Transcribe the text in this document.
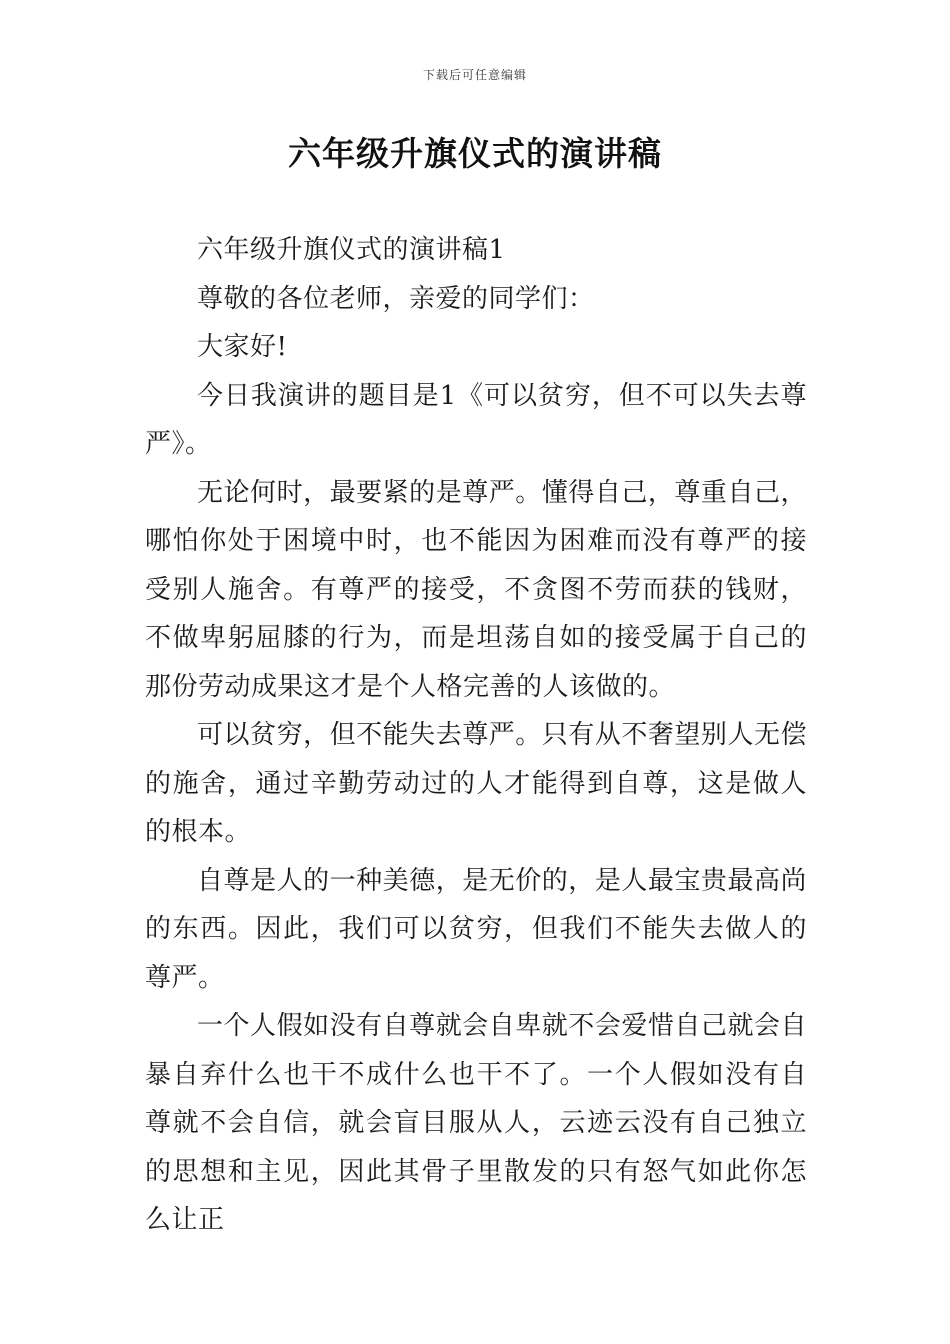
下载后可任意编辑
六年级升旗仪式的演讲稿

六年级升旗仪式的演讲稿1

尊敬的各位老师，亲爱的同学们：

大家好!

今日我演讲的题目是1《可以贫穷，但不可以失去尊严》。

无论何时，最要紧的是尊严。懂得自己，尊重自己，哪怕你处于困境中时，也不能因为困难而没有尊严的接受别人施舍。有尊严的接受，不贪图不劳而获的钱财，不做卑躬屈膝的行为，而是坦荡自如的接受属于自己的那份劳动成果这才是个人格完善的人该做的。

可以贫穷，但不能失去尊严。只有从不奢望别人无偿的施舍，通过辛勤劳动过的人才能得到自尊，这是做人的根本。

自尊是人的一种美德，是无价的，是人最宝贵最高尚的东西。因此，我们可以贫穷，但我们不能失去做人的尊严。

一个人假如没有自尊就会自卑就不会爱惜自己就会自暴自弃什么也干不成什么也干不了。一个人假如没有自尊就不会自信，就会盲目服从人，云迹云没有自己独立的思想和主见，因此其骨子里散发的只有怒气如此你怎么让正
